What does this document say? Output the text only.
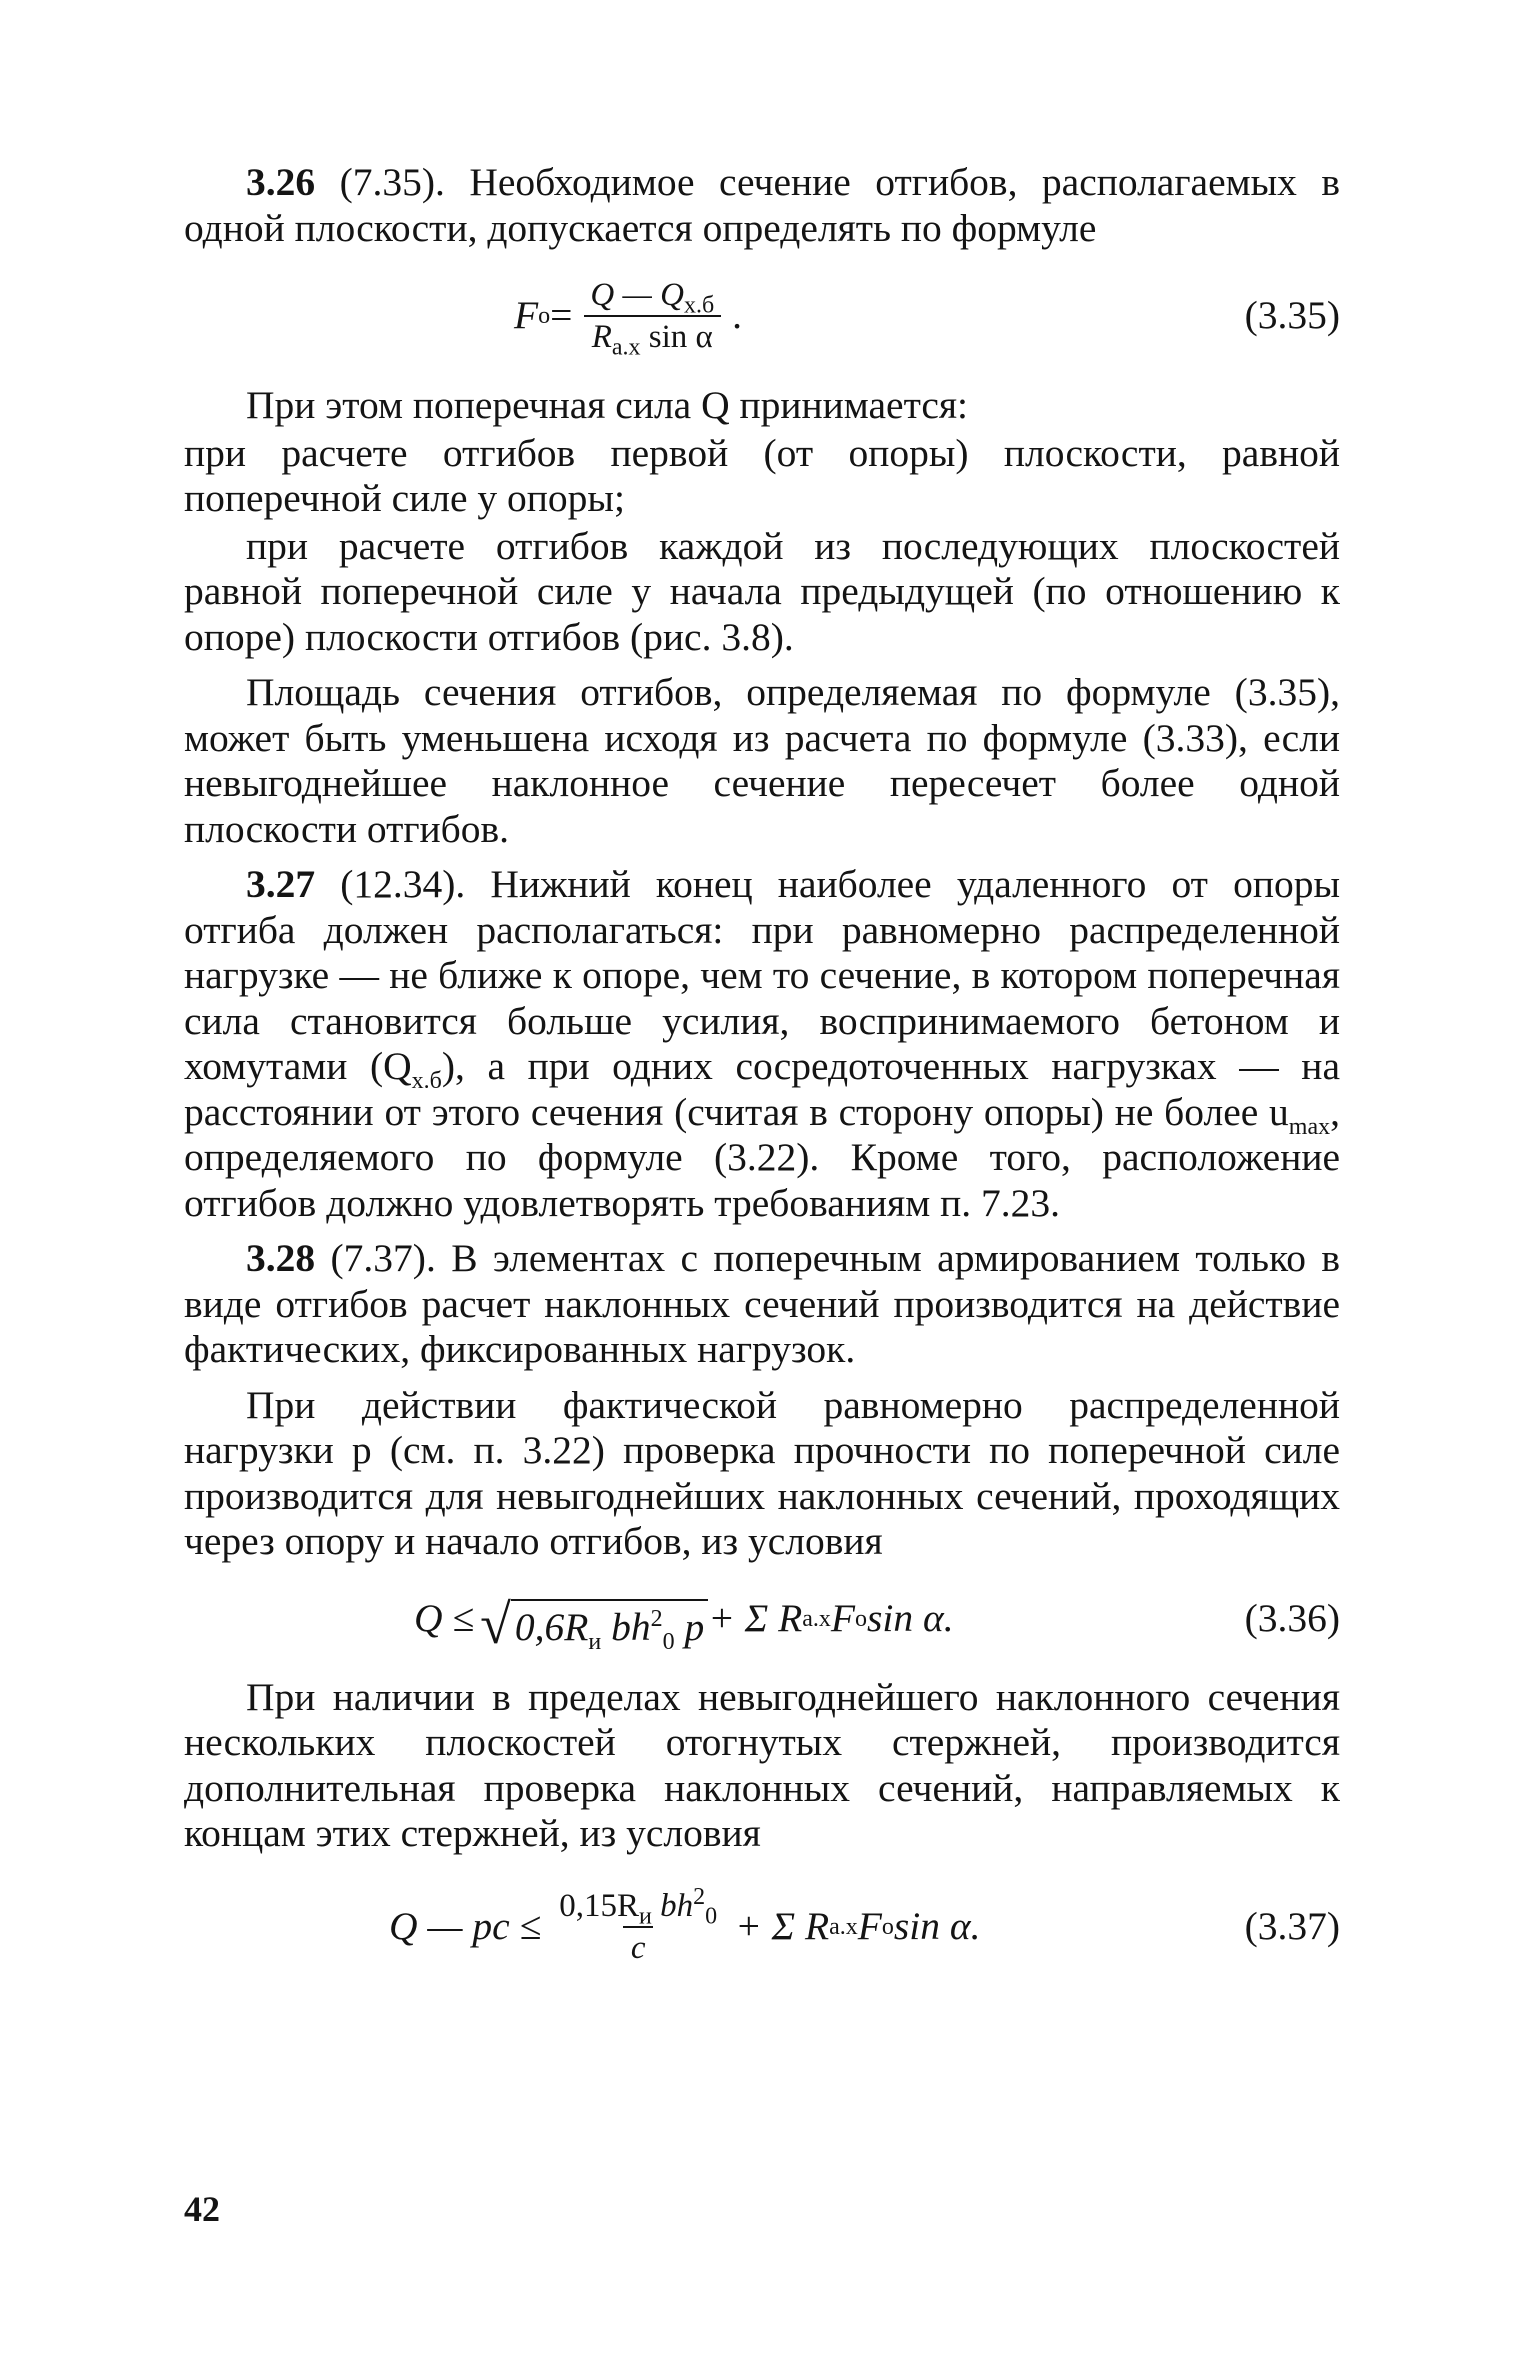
3.26 (7.35). Необходимое сечение отгибов, располагаемых в одной плоскости, допускается определять по формуле

F $о = \frac{Q — Q_{х.б}}{R_{а.х} \sin \alpha}$ .	(3.35)

При этом поперечная сила Q принимается:

при расчете отгибов первой (от опоры) плоскости, равной поперечной силе у опоры;

при расчете отгибов каждой из последующих плоскостей равной поперечной силе у начала предыдущей (по отношению к опоре) плоскости отгибов (рис. 3.8).

Площадь сечения отгибов, определяемая по формуле (3.35), может быть уменьшена исходя из расчета по формуле (3.33), если невыгоднейшее наклонное сечение пересечет более одной плоскости отгибов.

3.27 (12.34). Нижний конец наиболее удаленного от опоры отгиба должен располагаться: при равномерно распределенной нагрузке — не ближе к опоре, чем то сечение, в котором поперечная сила становится больше усилия, воспринимаемого бетоном и хомутами $(Q_{х.б})$, а при одних сосредоточенных нагрузках — на расстоянии от этого сечения (считая в сторону опоры) не более $u_{max}$, определяемого по формуле (3.22). Кроме того, расположение отгибов должно удовлетворять требованиям п. 7.23.

3.28 (7.37). В элементах с поперечным армированием только в виде отгибов расчет наклонных сечений производится на действие фактических, фиксированных нагрузок.

При действии фактической равномерно распределенной нагрузки p (см. п. 3.22) проверка прочности по поперечной силе производится для невыгоднейших наклонных сечений, проходящих через опору и начало отгибов, из условия

Q ≤ √ $0,6R_и$ $bh^2_0$ p + Σ R а.х F о sin α.	(3.36)

При наличии в пределах невыгоднейшего наклонного сечения нескольких плоскостей отогнутых стержней, производится дополнительная проверка наклонных сечений, направляемых к концам этих стержней, из условия

Q — pc ≤ $\frac{0,15R_и bh^2_0}{c} + \Sigma$ R а.х F о sin α.	(3.37)
42
